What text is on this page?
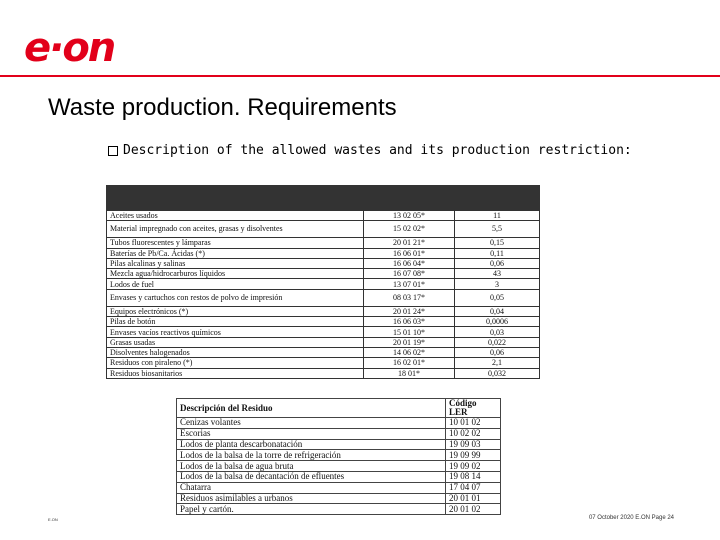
e·on
Waste production. Requirements
Description of the allowed wastes and its production restriction:

Aceites usados	13 02 05*	11
Material impregnado con aceites, grasas y disolventes	15 02 02*	5,5
Tubos fluorescentes y lámparas	20 01 21*	0,15
Baterías de Pb/Ca. Ácidas (*)	16 06 01*	0,11
Pilas alcalinas y salinas	16 06 04*	0,06
Mezcla agua/hidrocarburos líquidos	16 07 08*	43
Lodos de fuel	13 07 01*	3
Envases y cartuchos con restos de polvo de impresión	08 03 17*	0,05
Equipos electrónicos (*)	20 01 24*	0,04
Pilas de botón	16 06 03*	0,0006
Envases vacíos reactivos químicos	15 01 10*	0,03
Grasas usadas	20 01 19*	0,022
Disolventes halogenados	14 06 02*	0,06
Residuos con piraleno (*)	16 02 01*	2,1
Residuos biosanitarios	18 01*	0,032
Descripción del Residuo	Código LER
Cenizas volantes	10 01 02
Escorias	10 02 02
Lodos de planta descarbonatación	19 09 03
Lodos de la balsa de la torre de refrigeración	19 09 99
Lodos de la balsa de agua bruta	19 09 02
Lodos de la balsa de decantación de efluentes	19 08 14
Chatarra	17 04 07
Residuos asimilables a urbanos	20 01 01
Papel y cartón.	20 01 02
E.ON	07 October 2020 E.ON Page 24
